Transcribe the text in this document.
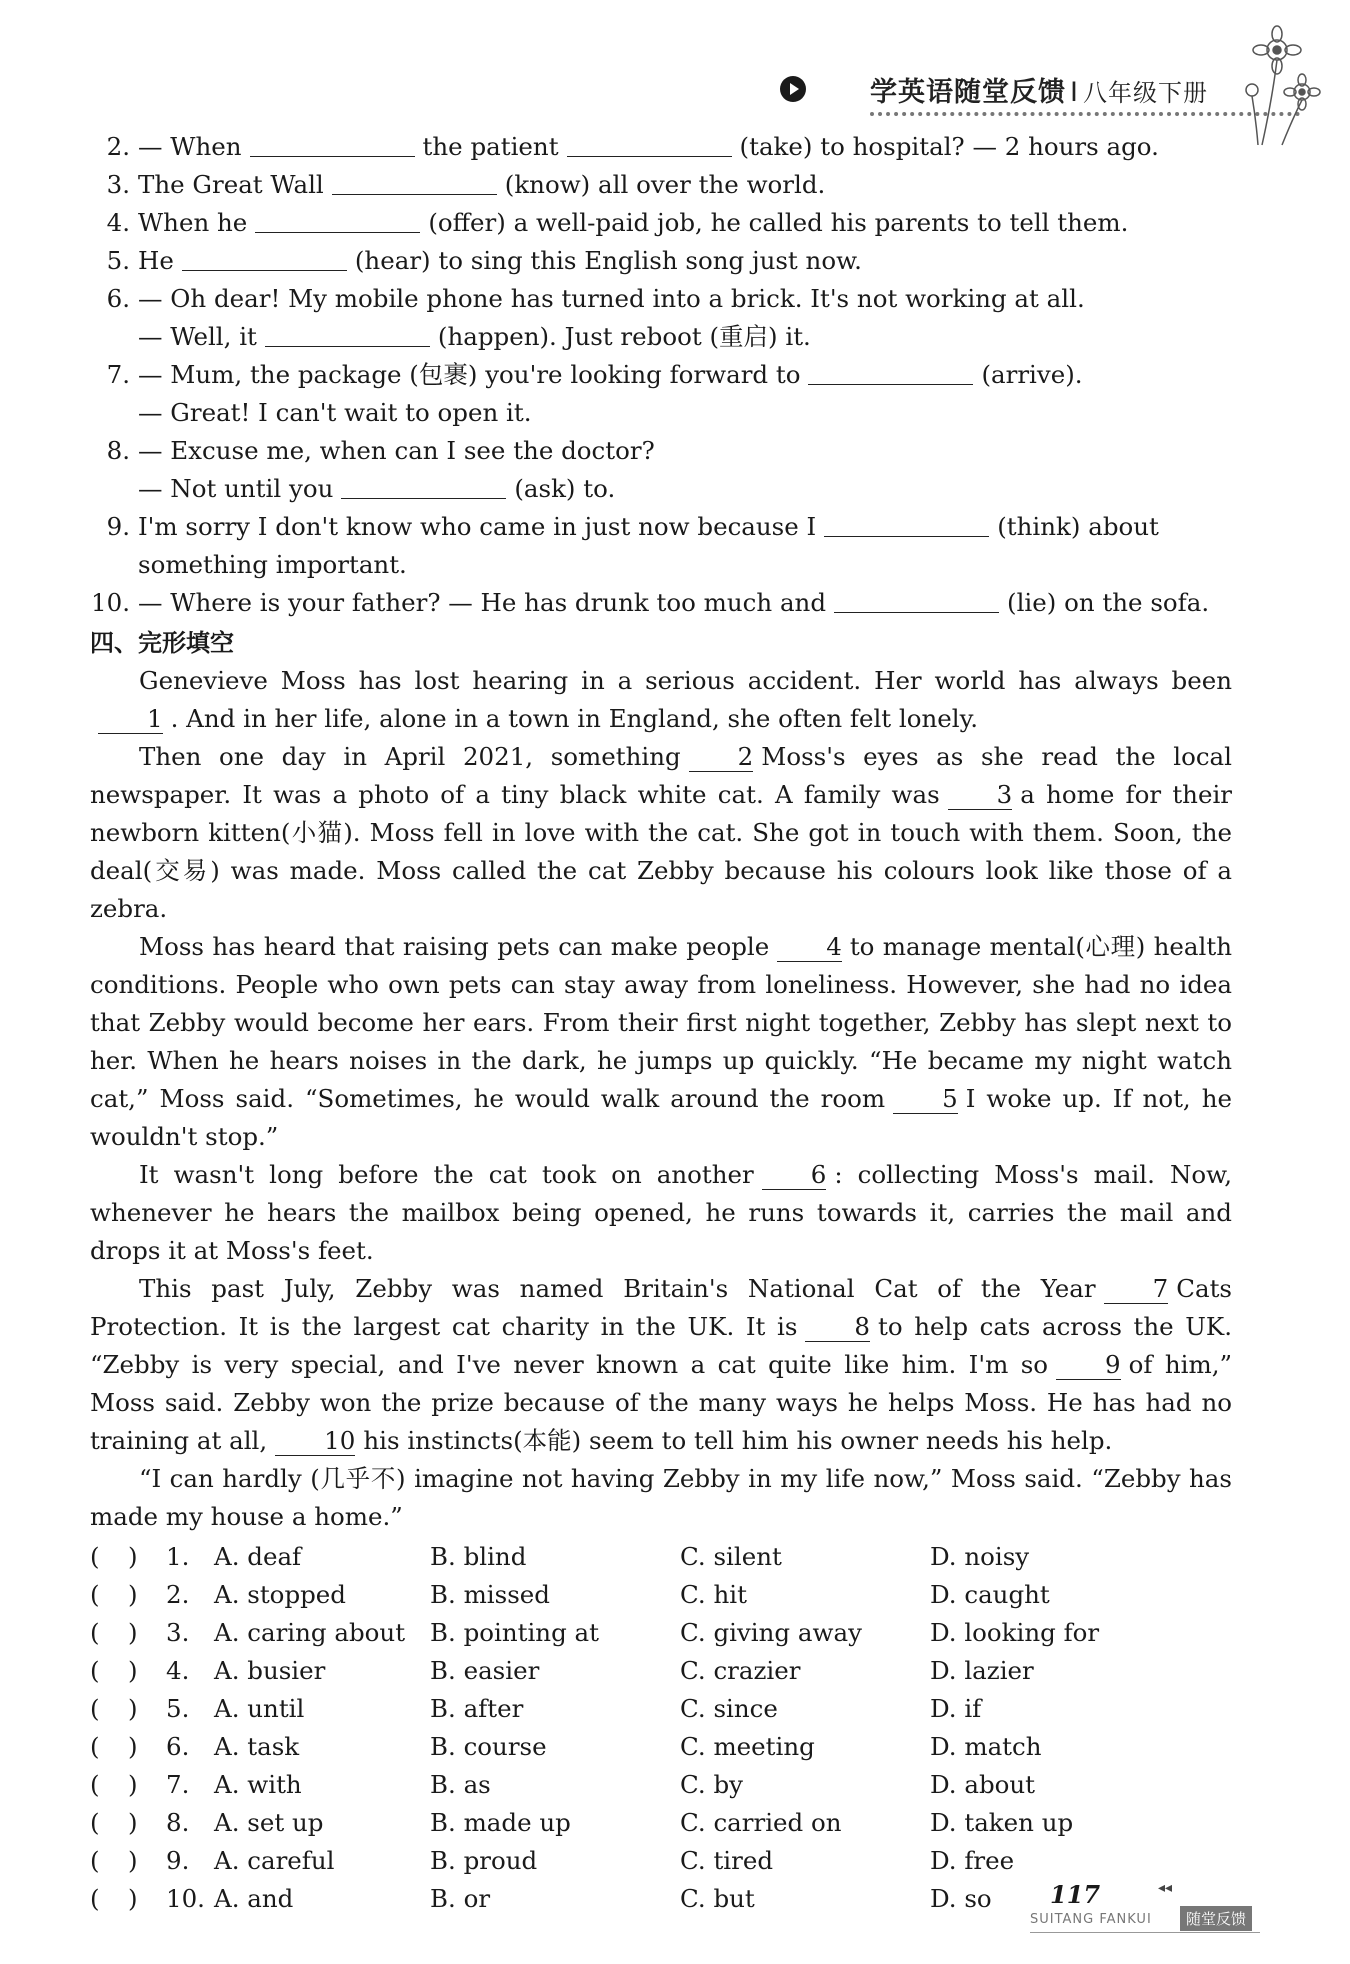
学英语随堂反馈 I 八年级下册
2. — When	the patient	(take) to hospital? — 2 hours ago.
3. The Great Wall	(know) all over the world.
4. When he	(offer) a well-paid job, he called his parents to tell them.
5. He	(hear) to sing this English song just now.
6. — Oh dear! My mobile phone has turned into a brick. It's not working at all.
— Well, it	(happen). Just reboot (重启) it.
7. — Mum, the package (包裹) you're looking forward to	(arrive).
— Great! I can't wait to open it.
8. — Excuse me, when can I see the doctor?
— Not until you	(ask) to.
9. I'm sorry I don't know who came in just now because I	(think) about
something important.
10. — Where is your father? — He has drunk too much and	(lie) on the sofa.
四、完形填空
Genevieve Moss has lost hearing in a serious accident. Her world has always been1 . And in her life, alone in a town in England, she often felt lonely.
Then one day in April 2021, something 2 Moss's eyes as she read the local newspaper. It was a photo of a tiny black white cat. A family was 3 a home for their newborn kitten(小猫). Moss fell in love with the cat. She got in touch with them. Soon, the deal(交易) was made. Moss called the cat Zebby because his colours look like those of a zebra.
Moss has heard that raising pets can make people 4 to manage mental(心理) health conditions. People who own pets can stay away from loneliness. However, she had no idea that Zebby would become her ears. From their first night together, Zebby has slept next to her. When he hears noises in the dark, he jumps up quickly. “He became my night watch cat,” Moss said. “Sometimes, he would walk around the room 5 I woke up. If not, he wouldn't stop.”
It wasn't long before the cat took on another 6 : collecting Moss's mail. Now, whenever he hears the mailbox being opened, he runs towards it, carries the mail and drops it at Moss's feet.
This past July, Zebby was named Britain's National Cat of the Year 7 Cats Protection. It is the largest cat charity in the UK. It is 8 to help cats across the UK. “Zebby is very special, and I've never known a cat quite like him. I'm so 9 of him,” Moss said. Zebby won the prize because of the many ways he helps Moss. He has had no training at all, 10 his instincts(本能) seem to tell him his owner needs his help.
“I can hardly (几乎不) imagine not having Zebby in my life now,” Moss said. “Zebby has made my house a home.”
(	)	1.	A. deaf	B. blind	C. silent	D. noisy
(	)	2.	A. stopped	B. missed	C. hit	D. caught
(	)	3.	A. caring about	B. pointing at	C. giving away	D. looking for
(	)	4.	A. busier	B. easier	C. crazier	D. lazier
(	)	5.	A. until	B. after	C. since	D. if
(	)	6.	A. task	B. course	C. meeting	D. match
(	)	7.	A. with	B. as	C. by	D. about
(	)	8.	A. set up	B. made up	C. carried on	D. taken up
(	)	9.	A. careful	B. proud	C. tired	D. free
(	)	10. A. and	B. or	C. but	D. so	117	◂◂
SUITANG FANKUI	随堂反馈
